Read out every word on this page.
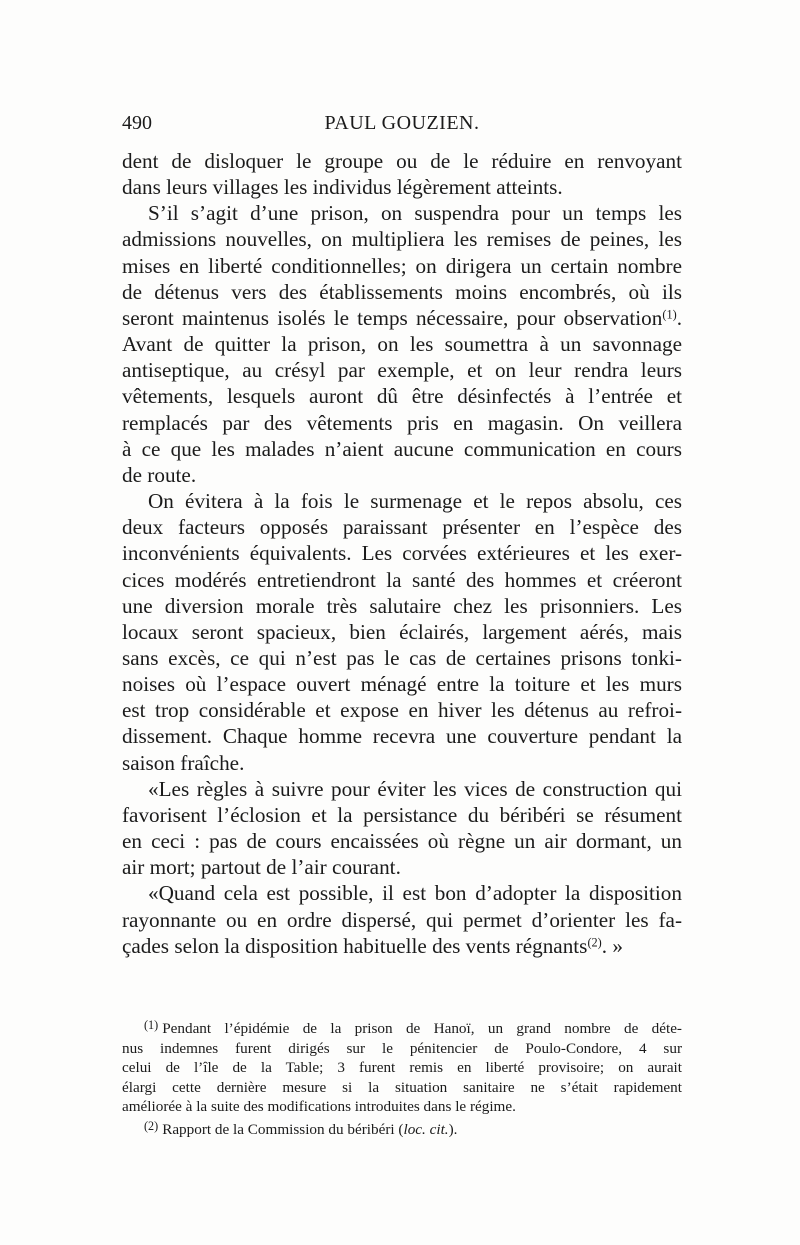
490	PAUL GOUZIEN.
dent de disloquer le groupe ou de le réduire en renvoyant
dans leurs villages les individus légèrement atteints.
S’il s’agit d’une prison, on suspendra pour un temps les
admissions nouvelles, on multipliera les remises de peines, les
mises en liberté conditionnelles; on dirigera un certain nombre
de détenus vers des établissements moins encombrés, où ils
seront maintenus isolés le temps nécessaire, pour observation$^{(1)}$.
Avant de quitter la prison, on les soumettra à un savonnage
antiseptique, au crésyl par exemple, et on leur rendra leurs
vêtements, lesquels auront dû être désinfectés à l’entrée et
remplacés par des vêtements pris en magasin. On veillera
à ce que les malades n’aient aucune communication en cours
de route.
On évitera à la fois le surmenage et le repos absolu, ces
deux facteurs opposés paraissant présenter en l’espèce des
inconvénients équivalents. Les corvées extérieures et les exer-
cices modérés entretiendront la santé des hommes et créeront
une diversion morale très salutaire chez les prisonniers. Les
locaux seront spacieux, bien éclairés, largement aérés, mais
sans excès, ce qui n’est pas le cas de certaines prisons tonki-
noises où l’espace ouvert ménagé entre la toiture et les murs
est trop considérable et expose en hiver les détenus au refroi-
dissement. Chaque homme recevra une couverture pendant la
saison fraîche.
«Les règles à suivre pour éviter les vices de construction qui
favorisent l’éclosion et la persistance du béribéri se résument
en ceci : pas de cours encaissées où règne un air dormant, un
air mort; partout de l’air courant.
«Quand cela est possible, il est bon d’adopter la disposition
rayonnante ou en ordre dispersé, qui permet d’orienter les fa-
çades selon la disposition habituelle des vents régnants$^{(2)}$. »
$^{(1)}$ Pendant l’épidémie de la prison de Hanoï, un grand nombre de déte-
nus indemnes furent dirigés sur le pénitencier de Poulo-Condore, 4 sur
celui de l’île de la Table; 3 furent remis en liberté provisoire; on aurait
élargi cette dernière mesure si la situation sanitaire ne s’était rapidement
améliorée à la suite des modifications introduites dans le régime.
$^{(2)}$ Rapport de la Commission du béribéri (loc. cit.).
